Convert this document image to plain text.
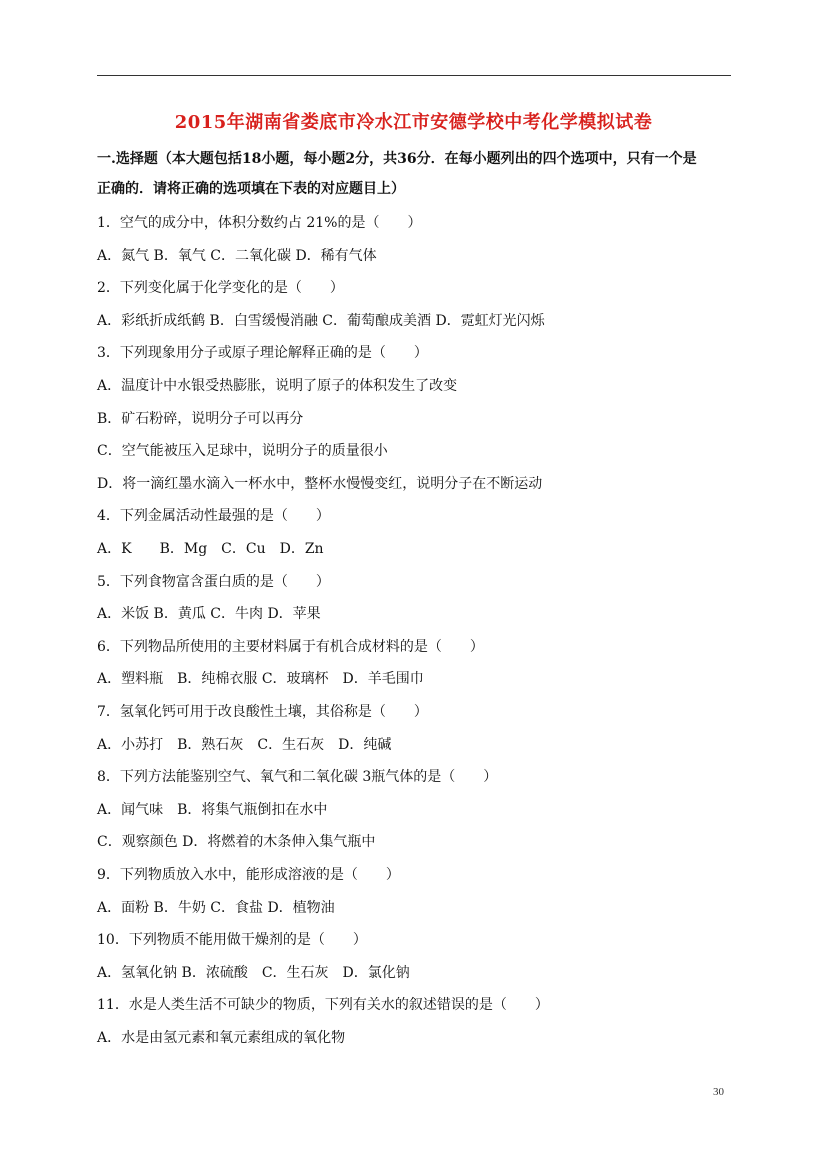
2015年湖南省娄底市冷水江市安德学校中考化学模拟试卷
一.选择题（本大题包括18小题，每小题2分，共36分．在每小题列出的四个选项中，只有一个是
正确的．请将正确的选项填在下表的对应题目上）
1．空气的成分中，体积分数约占 21%的是（　　）
A．氮气 B．氧气 C．二氧化碳 D．稀有气体
2．下列变化属于化学变化的是（　　）
A．彩纸折成纸鹤 B．白雪缓慢消融 C．葡萄酿成美酒 D．霓虹灯光闪烁
3．下列现象用分子或原子理论解释正确的是（　　）
A．温度计中水银受热膨胀，说明了原子的体积发生了改变
B．矿石粉碎，说明分子可以再分
C．空气能被压入足球中，说明分子的质量很小
D．将一滴红墨水滴入一杯水中，整杯水慢慢变红，说明分子在不断运动
4．下列金属活动性最强的是（　　）
A．K　　B．Mg　C．Cu　D．Zn
5．下列食物富含蛋白质的是（　　）
A．米饭 B．黄瓜 C．牛肉 D．苹果
6．下列物品所使用的主要材料属于有机合成材料的是（　　）
A．塑料瓶　B．纯棉衣服 C．玻璃杯　D．羊毛围巾
7．氢氧化钙可用于改良酸性土壤，其俗称是（　　）
A．小苏打　B．熟石灰　C．生石灰　D．纯碱
8．下列方法能鉴别空气、氧气和二氧化碳 3瓶气体的是（　　）
A．闻气味　B．将集气瓶倒扣在水中
C．观察颜色 D．将燃着的木条伸入集气瓶中
9．下列物质放入水中，能形成溶液的是（　　）
A．面粉 B．牛奶 C．食盐 D．植物油
10．下列物质不能用做干燥剂的是（　　）
A．氢氧化钠 B．浓硫酸　C．生石灰　D．氯化钠
11．水是人类生活不可缺少的物质，下列有关水的叙述错误的是（　　）
A．水是由氢元素和氧元素组成的氧化物
30
